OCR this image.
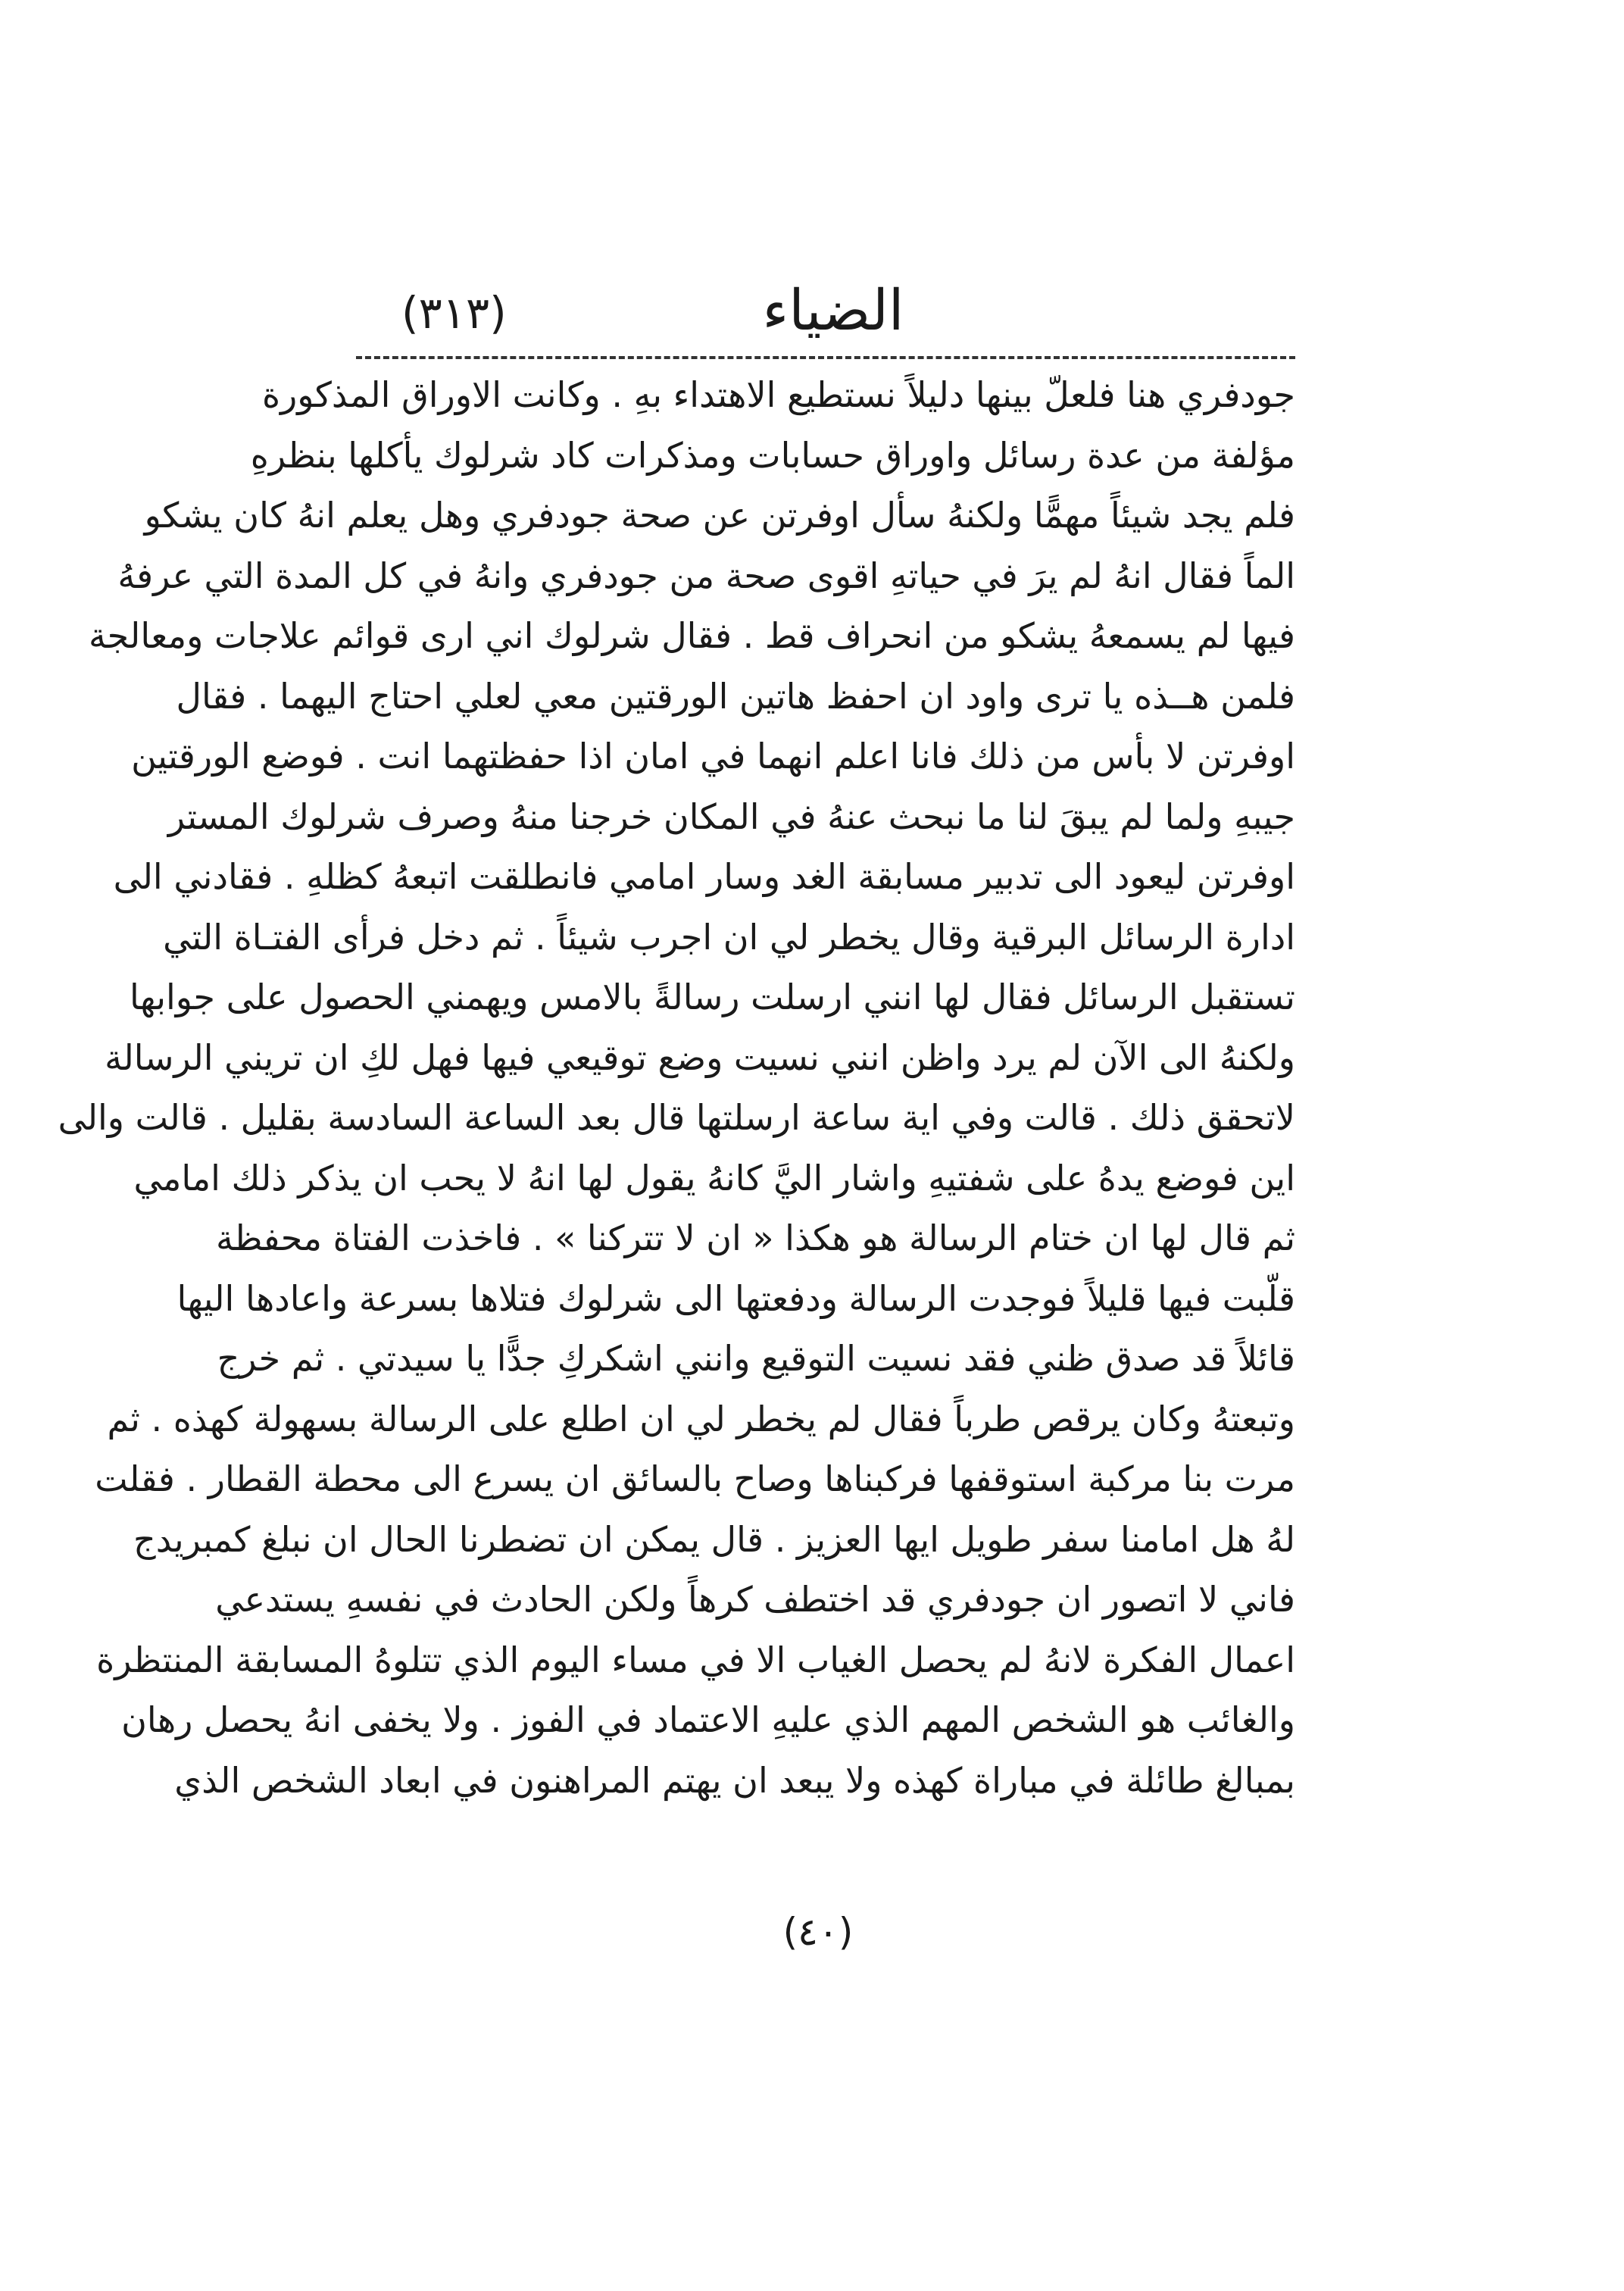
الضياء
(٣١٣)
جودفري هنا فلعلّ بينها دليلاً نستطيع الاهتداء بهِ . وكانت الاوراق المذكورة
مؤلفة من عدة رسائل واوراق حسابات ومذكرات كاد شرلوك يأكلها بنظرهِ
فلم يجد شيئاً مهمًّا ولكنهُ سأل اوفرتن عن صحة جودفري وهل يعلم انهُ كان يشكو
الماً فقال انهُ لم يرَ في حياتهِ اقوى صحة من جودفري وانهُ في كل المدة التي عرفهُ
فيها لم يسمعهُ يشكو من انحراف قط . فقال شرلوك اني ارى قوائم علاجات ومعالجة
فلمن هــذه يا ترى واود ان احفظ هاتين الورقتين معي لعلي احتاج اليهما . فقال
اوفرتن لا بأس من ذلك فانا اعلم انهما في امان اذا حفظتهما انت . فوضع الورقتين
جيبهِ ولما لم يبقَ لنا ما نبحث عنهُ في المكان خرجنا منهُ وصرف شرلوك المستر
اوفرتن ليعود الى تدبير مسابقة الغد وسار امامي فانطلقت اتبعهُ كظلهِ . فقادني الى
ادارة الرسائل البرقية وقال يخطر لي ان اجرب شيئاً . ثم دخل فرأى الفتـاة التي
تستقبل الرسائل فقال لها انني ارسلت رسالةً بالامس ويهمني الحصول على جوابها
ولكنهُ الى الآن لم يرد واظن انني نسيت وضع توقيعي فيها فهل لكِ ان تريني الرسالة
لاتحقق ذلك . قالت وفي اية ساعة ارسلتها قال بعد الساعة السادسة بقليل . قالت والى
اين فوضع يدهُ على شفتيهِ واشار اليَّ كانهُ يقول لها انهُ لا يحب ان يذكر ذلك امامي
ثم قال لها ان ختام الرسالة هو هكذا « ان لا تتركنا » . فاخذت الفتاة محفظة
قلّبت فيها قليلاً فوجدت الرسالة ودفعتها الى شرلوك فتلاها بسرعة واعادها اليها
قائلاً قد صدق ظني فقد نسيت التوقيع وانني اشكركِ جدًّا يا سيدتي . ثم خرج
وتبعتهُ وكان يرقص طرباً فقال لم يخطر لي ان اطلع على الرسالة بسهولة كهذه . ثم
مرت بنا مركبة استوقفها فركبناها وصاح بالسائق ان يسرع الى محطة القطار . فقلت
لهُ هل امامنا سفر طويل ايها العزيز . قال يمكن ان تضطرنا الحال ان نبلغ كمبريدج
فاني لا اتصور ان جودفري قد اختطف كرهاً ولكن الحادث في نفسهِ يستدعي
اعمال الفكرة لانهُ لم يحصل الغياب الا في مساء اليوم الذي تتلوهُ المسابقة المنتظرة
والغائب هو الشخص المهم الذي عليهِ الاعتماد في الفوز . ولا يخفى انهُ يحصل رهان
بمبالغ طائلة في مباراة كهذه ولا يبعد ان يهتم المراهنون في ابعاد الشخص الذي
(٤٠)
